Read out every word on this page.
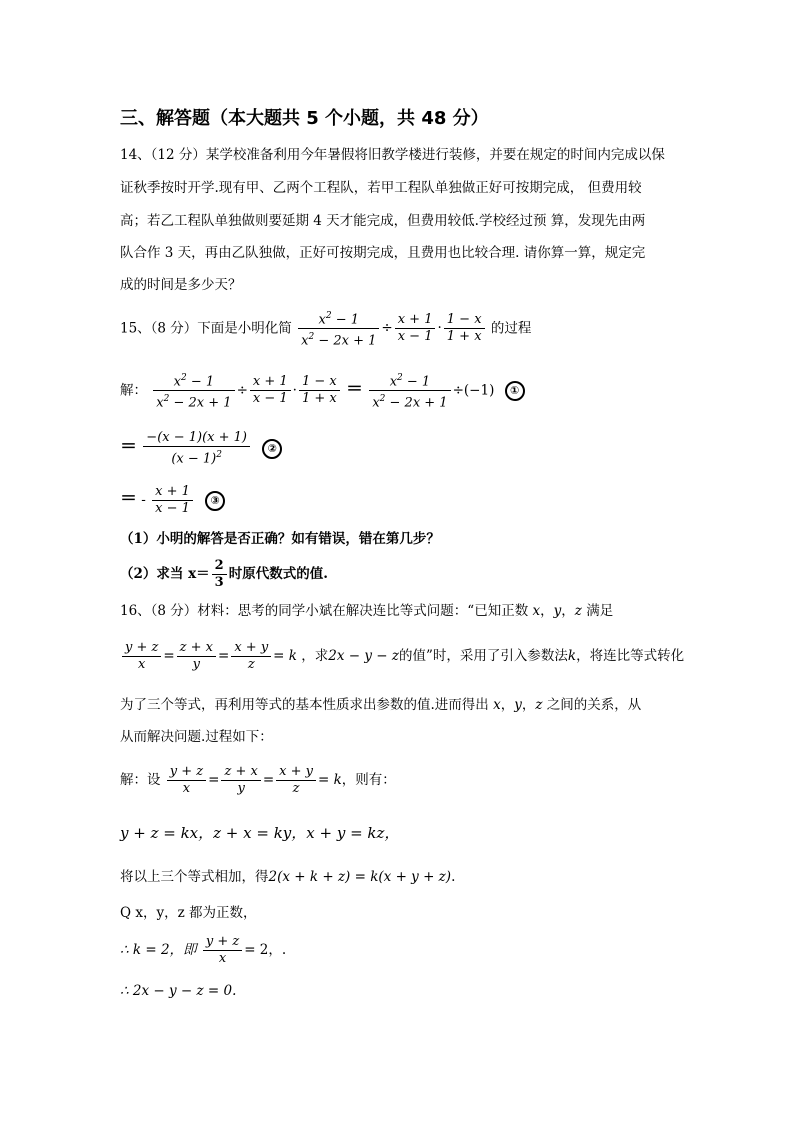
三、解答题（本大题共 5 个小题，共 48 分）
14、（12 分）某学校准备利用今年暑假将旧教学楼进行装修，并要在规定的时间内完成以保
证秋季按时开学.现有甲、乙两个工程队，若甲工程队单独做正好可按期完成， 但费用较
高；若乙工程队单独做则要延期 4 天才能完成，但费用较低.学校经过预 算，发现先由两
队合作 3 天，再由乙队独做，正好可按期完成，且费用也比较合理. 请你算一算，规定完
成的时间是多少天？
15、（8 分）下面是小明化简 $\frac{x^2 - 1}{x^2 - 2x + 1} \div \frac{x + 1}{x - 1} \cdot \frac{1 - x}{1 + x}$ 的过程
解： $\frac{x^2 - 1}{x^2 - 2x + 1} \div \frac{x + 1}{x - 1} \cdot \frac{1 - x}{1 + x} = \frac{x^2 - 1}{x^2 - 2x + 1} \div(-1)$ ①
＝ $\frac{-(x - 1)(x + 1)}{(x - 1)^2}$ ②
＝ - $\frac{x + 1}{x - 1}$ ③
（1）小明的解答是否正确？如有错误，错在第几步？
（2）求当 $x= \frac{2}{3}$ 时原代数式的值.
16、（8 分）材料：思考的同学小斌在解决连比等式问题：“已知正数 x，y，z 满足
$\frac{y + z}{x} = \frac{z + x}{y} = \frac{x + y}{z} = k$ ，求2x − y − z的值”时，采用了引入参数法k，将连比等式转化
为了三个等式，再利用等式的基本性质求出参数的值.进而得出 x，y，z 之间的关系，从
从而解决问题.过程如下：
解：设 $\frac{y + z}{x} = \frac{z + x}{y} = \frac{x + y}{z} = k$，则有：
y + z = kx，z + x = ky，x + y = kz，
将以上三个等式相加，得2(x + k + z) = k(x + y + z).
Q x，y，z 都为正数，
∴ k = 2，即 $\frac{y + z}{x} = 2$，.
∴ 2x − y − z = 0.
